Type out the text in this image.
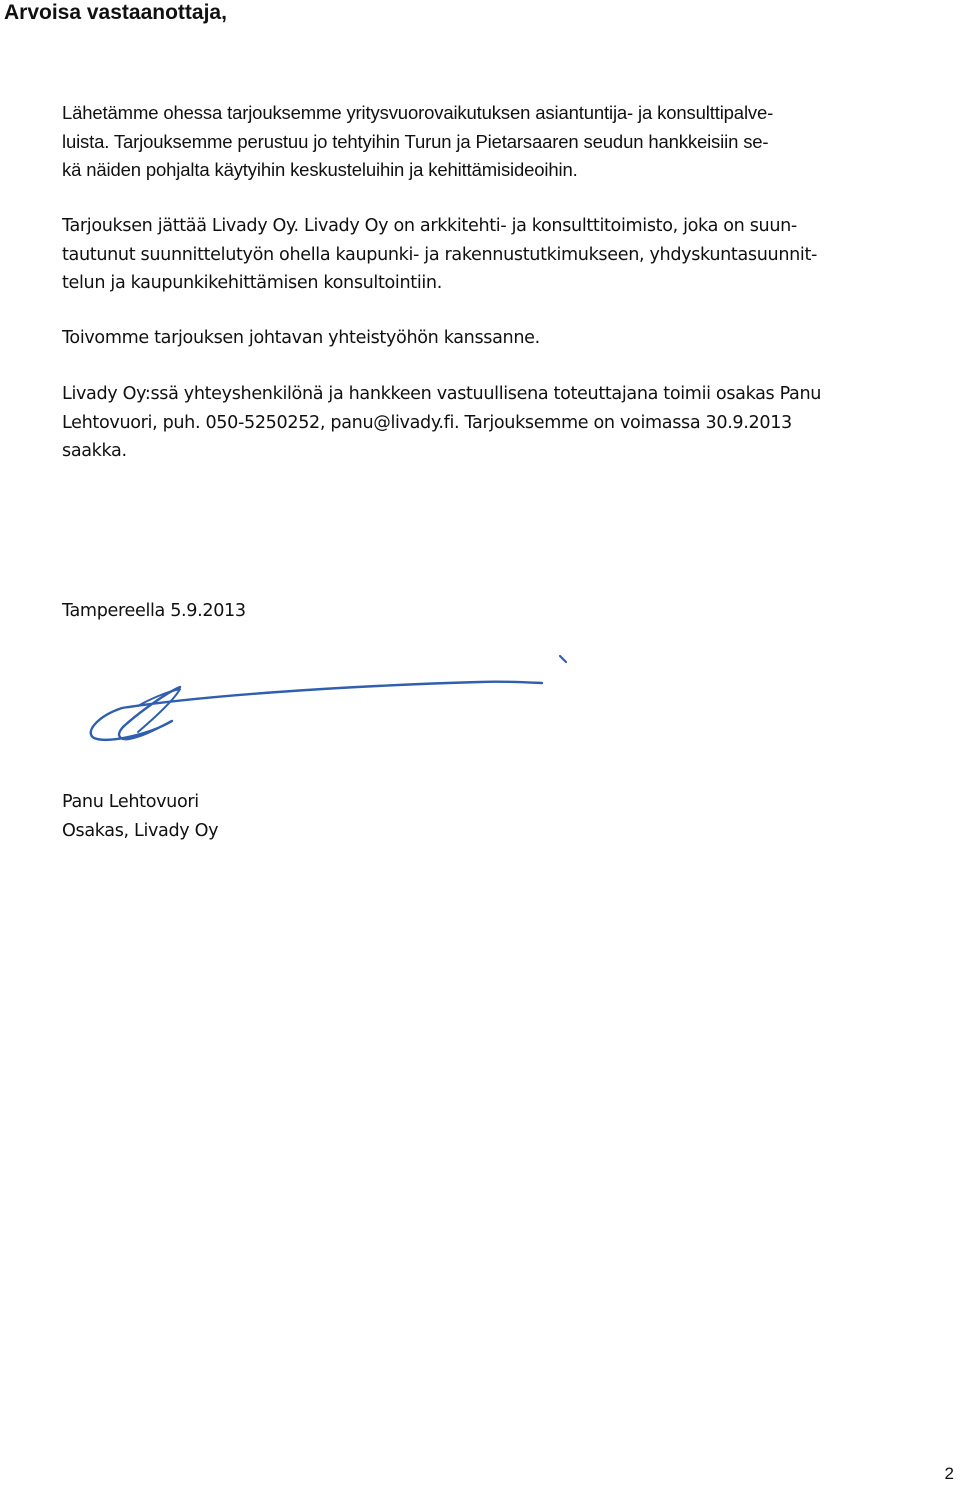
Arvoisa vastaanottaja,

Lähetämme ohessa tarjouksemme yritysvuorovaikutuksen asiantuntija- ja konsulttipalve-
luista. Tarjouksemme perustuu jo tehtyihin Turun ja Pietarsaaren seudun hankkeisiin se-
kä näiden pohjalta käytyihin keskusteluihin ja kehittämisideoihin.

Tarjouksen jättää Livady Oy. Livady Oy on arkkitehti- ja konsulttitoimisto, joka on suun-
tautunut suunnittelutyön ohella kaupunki- ja rakennustutkimukseen, yhdyskuntasuunnit-
telun ja kaupunkikehittämisen konsultointiin.

Toivomme tarjouksen johtavan yhteistyöhön kanssanne.

Livady Oy:ssä yhteyshenkilönä ja hankkeen vastuullisena toteuttajana toimii osakas Panu
Lehtovuori, puh. 050-5250252, panu@livady.fi. Tarjouksemme on voimassa 30.9.2013
saakka.

Tampereella 5.9.2013

Panu Lehtovuori
Osakas, Livady Oy

2
